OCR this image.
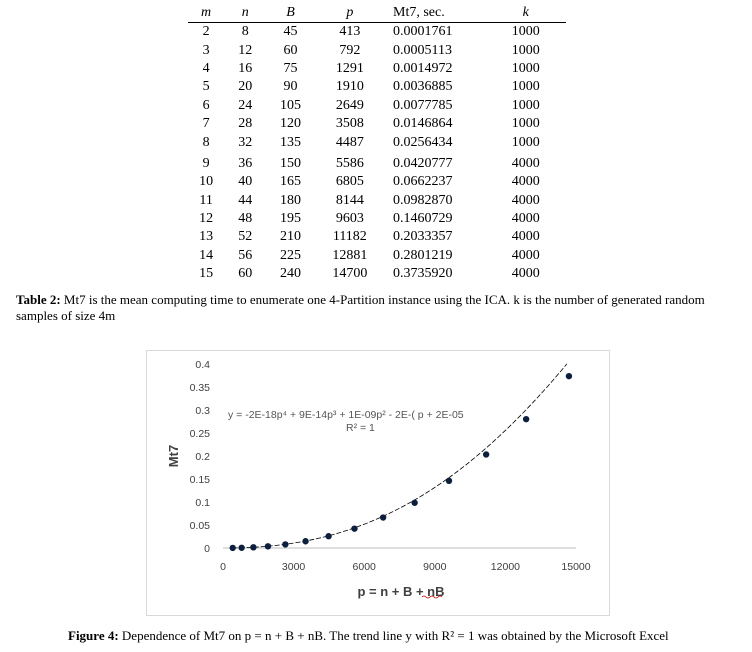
m	n	B	p	Mt7, sec.	k
2	8	45	413	0.0001761	1000
3	12	60	792	0.0005113	1000
4	16	75	1291	0.0014972	1000
5	20	90	1910	0.0036885	1000
6	24	105	2649	0.0077785	1000
7	28	120	3508	0.0146864	1000
8	32	135	4487	0.0256434	1000
9	36	150	5586	0.0420777	4000
10	40	165	6805	0.0662237	4000
11	44	180	8144	0.0982870	4000
12	48	195	9603	0.1460729	4000
13	52	210	11182	0.2033357	4000
14	56	225	12881	0.2801219	4000
15	60	240	14700	0.3735920	4000
Table 2: Mt7 is the mean computing time to enumerate one 4-Partition instance using the ICA. k is the number of generated random samples of size 4m
0
0.05
0.1
0.15
0.2
0.25
0.3
0.35
0.4
0	3000	6000	9000	12000	15000
p = n + B + nB
Mt7
y = -2E-18p⁴ + 9E-14p³ + 1E-09p² - 2E-( p + 2E-05
R² = 1
Figure 4: Dependence of Mt7 on p = n + B + nB. The trend line y with R² = 1 was obtained by the Microsoft Excel
